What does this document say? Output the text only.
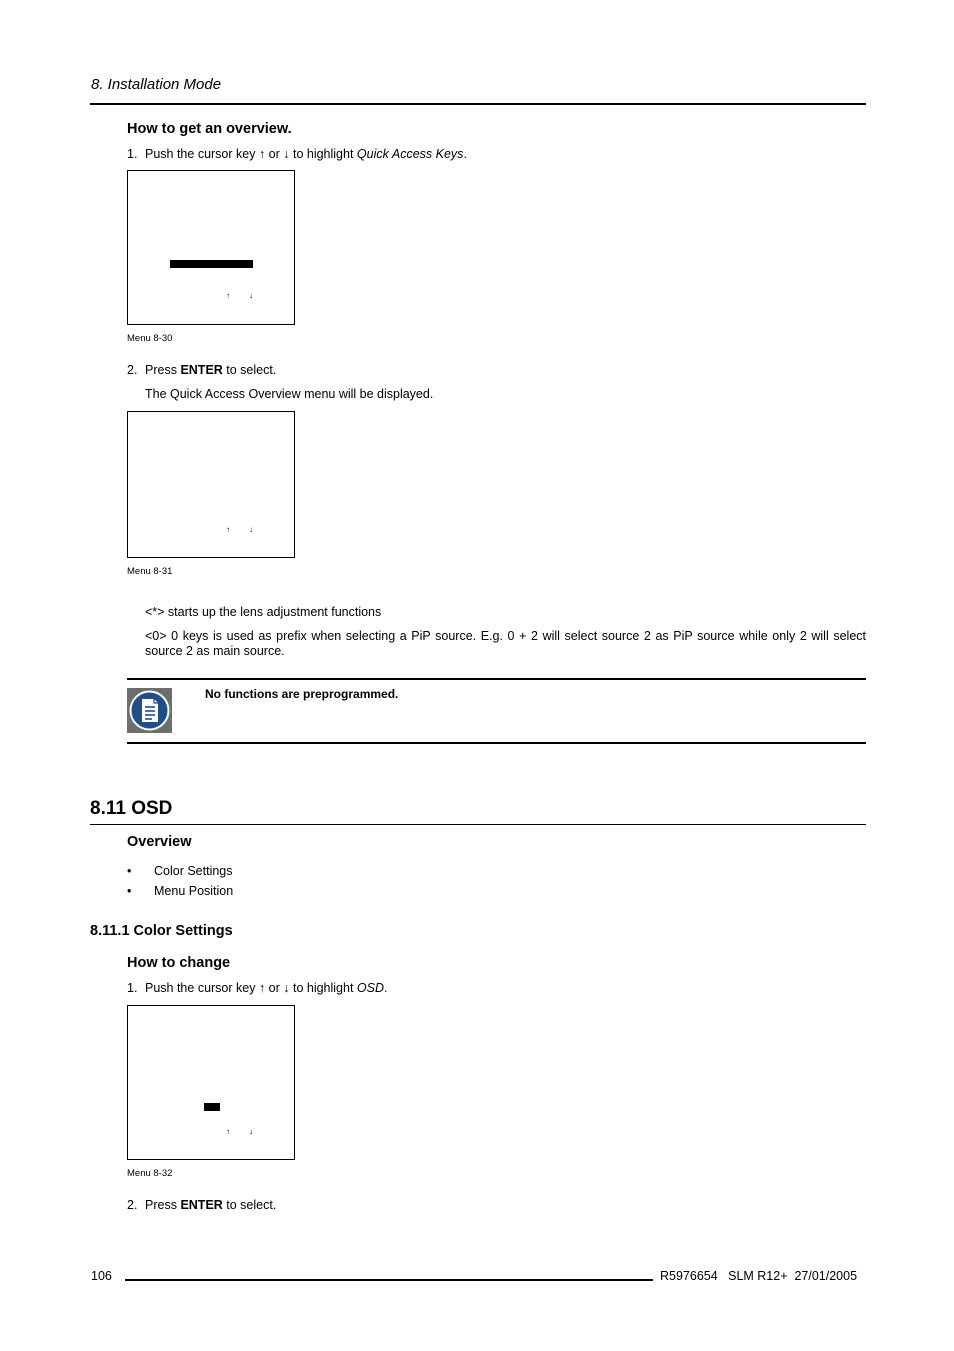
8. Installation Mode
How to get an overview.
1. Push the cursor key ↑ or ↓ to highlight Quick Access Keys.
↑ ↓
Menu 8-30
2. Press ENTER to select.
The Quick Access Overview menu will be displayed.
↑ ↓
Menu 8-31
<*> starts up the lens adjustment functions
<0> 0 keys is used as prefix when selecting a PiP source. E.g. 0 + 2 will select source 2 as PiP source while only 2 will select source 2 as main source.
No functions are preprogrammed.
8.11 OSD
Overview
• Color Settings
• Menu Position
8.11.1 Color Settings
How to change
1. Push the cursor key ↑ or ↓ to highlight OSD.
↑ ↓
Menu 8-32
2. Press ENTER to select.
106	R5976654   SLM R12+  27/01/2005
